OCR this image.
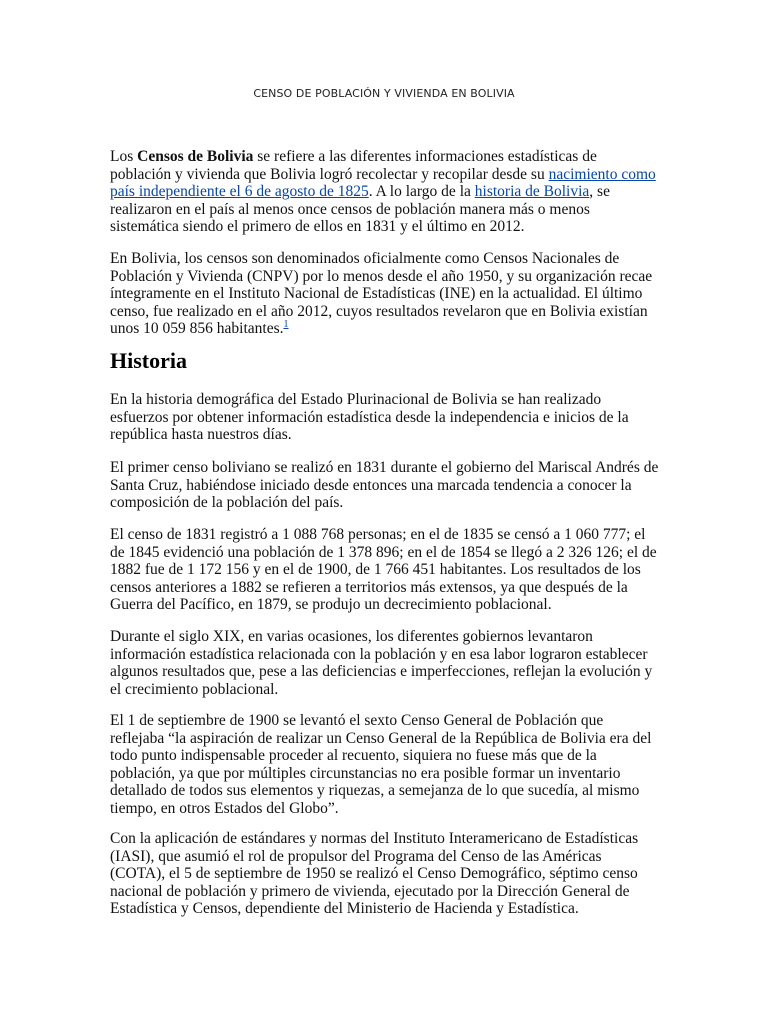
CENSO DE POBLACIÓN Y VIVIENDA EN BOLIVIA

Los Censos de Bolivia se refiere a las diferentes informaciones estadísticas de población y vivienda que Bolivia logró recolectar y recopilar desde su nacimiento como país independiente el 6 de agosto de 1825. A lo largo de la historia de Bolivia, se realizaron en el país al menos once censos de población manera más o menos sistemática siendo el primero de ellos en 1831 y el último en 2012.

En Bolivia, los censos son denominados oficialmente como Censos Nacionales de Población y Vivienda (CNPV) por lo menos desde el año 1950, y su organización recae íntegramente en el Instituto Nacional de Estadísticas (INE) en la actualidad. El último censo, fue realizado en el año 2012, cuyos resultados revelaron que en Bolivia existían unos 10 059 856 habitantes.$^1$

Historia

En la historia demográfica del Estado Plurinacional de Bolivia se han realizado esfuerzos por obtener información estadística desde la independencia e inicios de la república hasta nuestros días.

El primer censo boliviano se realizó en 1831 durante el gobierno del Mariscal Andrés de Santa Cruz, habiéndose iniciado desde entonces una marcada tendencia a conocer la composición de la población del país.

El censo de 1831 registró a 1 088 768 personas; en el de 1835 se censó a 1 060 777; el de 1845 evidenció una población de 1 378 896; en el de 1854 se llegó a 2 326 126; el de 1882 fue de 1 172 156 y en el de 1900, de 1 766 451 habitantes. Los resultados de los censos anteriores a 1882 se refieren a territorios más extensos, ya que después de la Guerra del Pacífico, en 1879, se produjo un decrecimiento poblacional.

Durante el siglo XIX, en varias ocasiones, los diferentes gobiernos levantaron información estadística relacionada con la población y en esa labor lograron establecer algunos resultados que, pese a las deficiencias e imperfecciones, reflejan la evolución y el crecimiento poblacional.

El 1 de septiembre de 1900 se levantó el sexto Censo General de Población que reflejaba “la aspiración de realizar un Censo General de la República de Bolivia era del todo punto indispensable proceder al recuento, siquiera no fuese más que de la población, ya que por múltiples circunstancias no era posible formar un inventario detallado de todos sus elementos y riquezas, a semejanza de lo que sucedía, al mismo tiempo, en otros Estados del Globo”.

Con la aplicación de estándares y normas del Instituto Interamericano de Estadísticas (IASI), que asumió el rol de propulsor del Programa del Censo de las Américas (COTA), el 5 de septiembre de 1950 se realizó el Censo Demográfico, séptimo censo nacional de población y primero de vivienda, ejecutado por la Dirección General de Estadística y Censos, dependiente del Ministerio de Hacienda y Estadística.
